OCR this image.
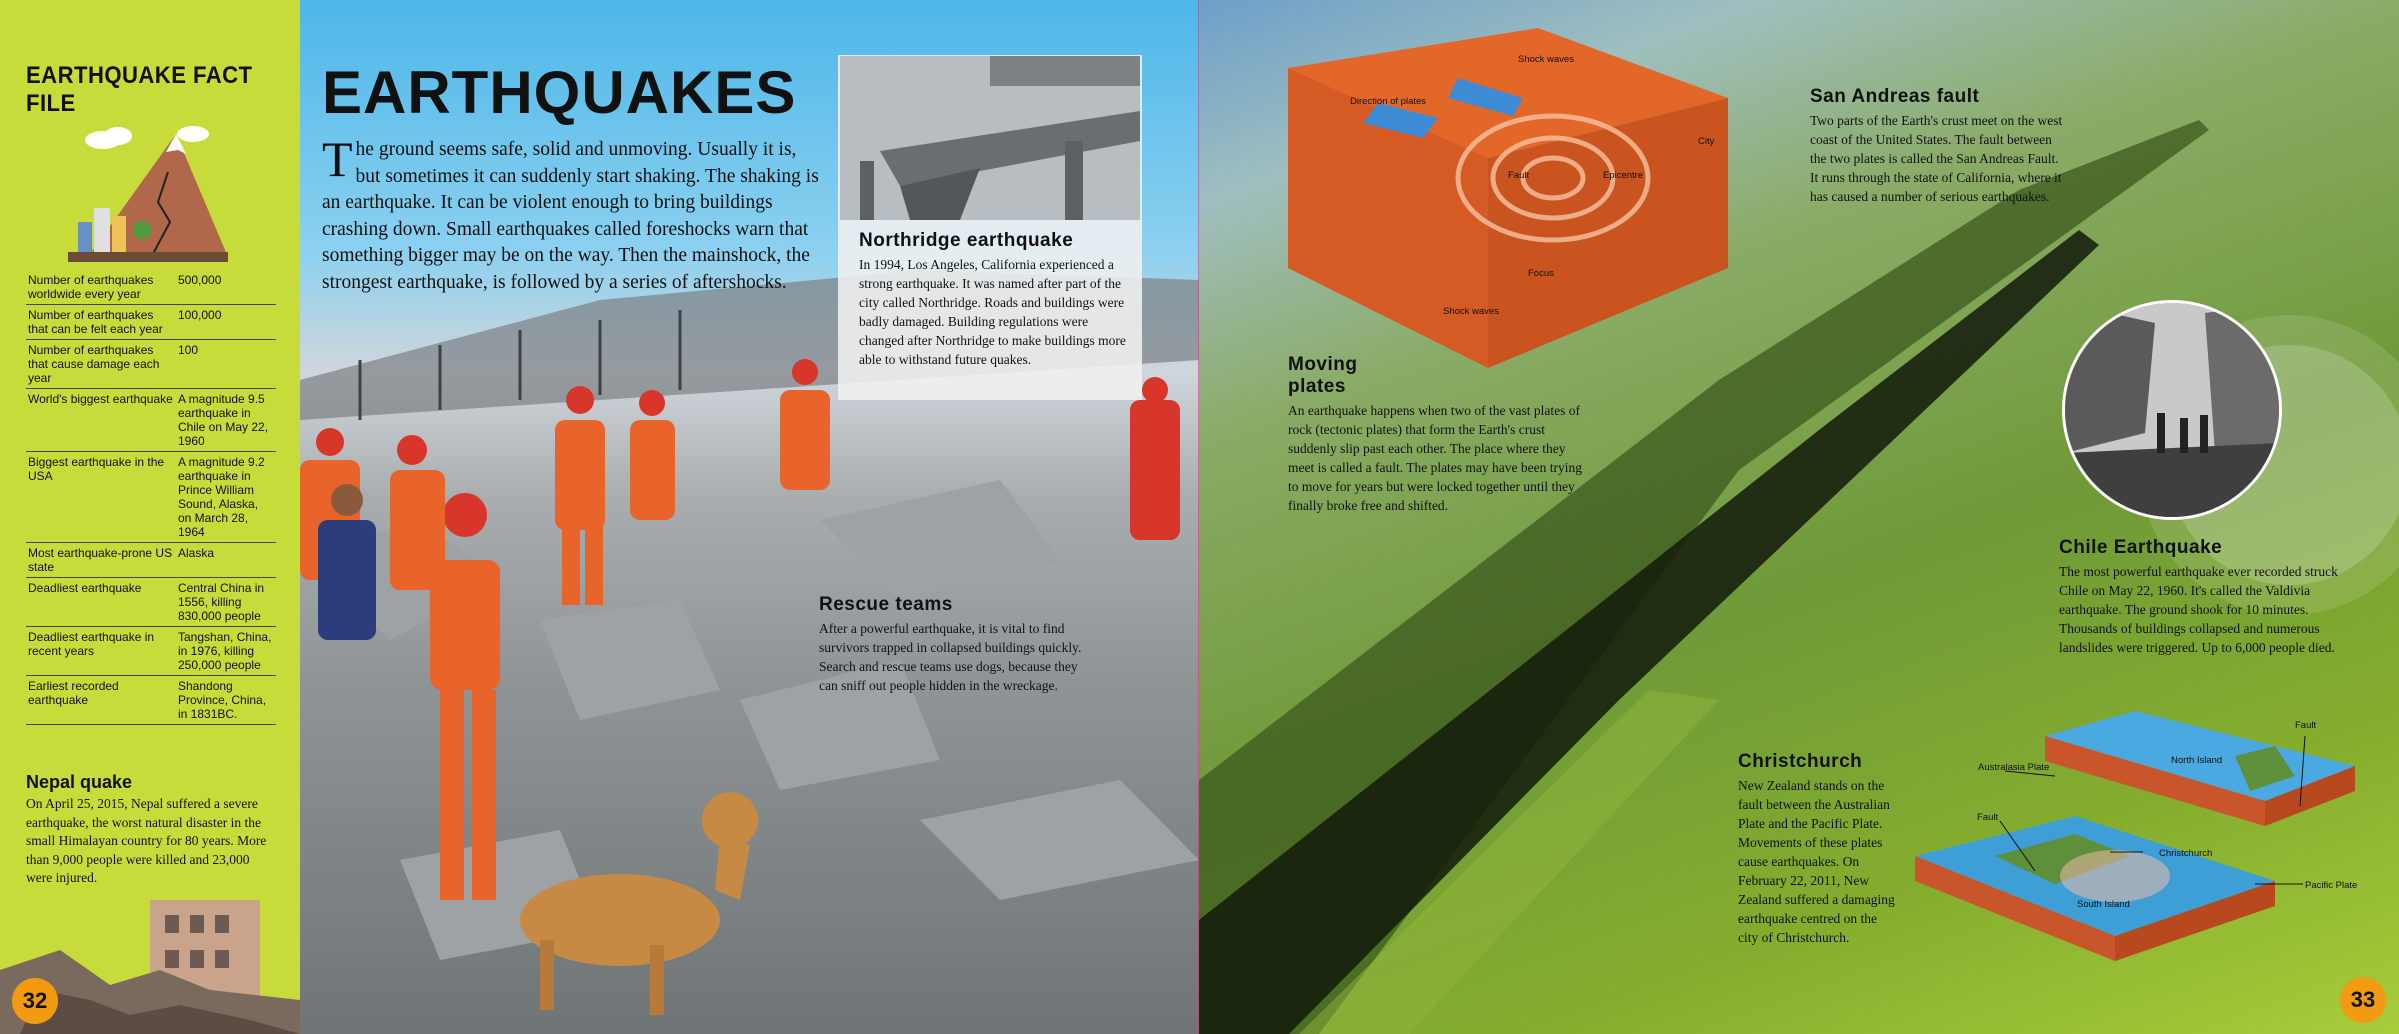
EARTHQUAKE FACT FILE
Number of earthquakes worldwide every year	500,000
Number of earthquakes that can be felt each year	100,000
Number of earthquakes that cause damage each year	100
World's biggest earthquake	A magnitude 9.5 earthquake in Chile on May 22, 1960
Biggest earthquake in the USA	A magnitude 9.2 earthquake in Prince William Sound, Alaska, on March 28, 1964
Most earthquake-prone US state	Alaska
Deadliest earthquake	Central China in 1556, killing 830,000 people
Deadliest earthquake in recent years	Tangshan, China, in 1976, killing 250,000 people
Earliest recorded earthquake	Shandong Province, China, in 1831BC.
Nepal quake

On April 25, 2015, Nepal suffered a severe earthquake, the worst natural disaster in the small Himalayan country for 80 years. More than 9,000 people were killed and 23,000 were injured.

32
EARTHQUAKES

The ground seems safe, solid and unmoving. Usually it is, but sometimes it can suddenly start shaking. The shaking is an earthquake. It can be violent enough to bring buildings crashing down. Small earthquakes called foreshocks warn that something bigger may be on the way. Then the mainshock, the strongest earthquake, is followed by a series of aftershocks.

Northridge earthquake

In 1994, Los Angeles, California experienced a strong earthquake. It was named after part of the city called Northridge. Roads and buildings were badly damaged. Building regulations were changed after Northridge to make buildings more able to withstand future quakes.

Rescue teams

After a powerful earthquake, it is vital to find survivors trapped in collapsed buildings quickly. Search and rescue teams use dogs, because they can sniff out people hidden in the wreckage.

Shock waves
Direction of plates
City
Fault	Epicentre
Focus
Shock waves
Moving plates

An earthquake happens when two of the vast plates of rock (tectonic plates) that form the Earth's crust suddenly slip past each other. The place where they meet is called a fault. The plates may have been trying to move for years but were locked together until they finally broke free and shifted.

San Andreas fault

Two parts of the Earth's crust meet on the west coast of the United States. The fault between the two plates is called the San Andreas Fault. It runs through the state of California, where it has caused a number of serious earthquakes.

Chile Earthquake

The most powerful earthquake ever recorded struck Chile on May 22, 1960. It's called the Valdivia earthquake. The ground shook for 10 minutes. Thousands of buildings collapsed and numerous landslides were triggered. Up to 6,000 people died.

Christchurch

New Zealand stands on the fault between the Australian Plate and the Pacific Plate. Movements of these plates cause earthquakes. On February 22, 2011, New Zealand suffered a damaging earthquake centred on the city of Christchurch.

Fault
Australasia Plate
North Island
Fault
Christchurch
Pacific Plate
South Island
33
